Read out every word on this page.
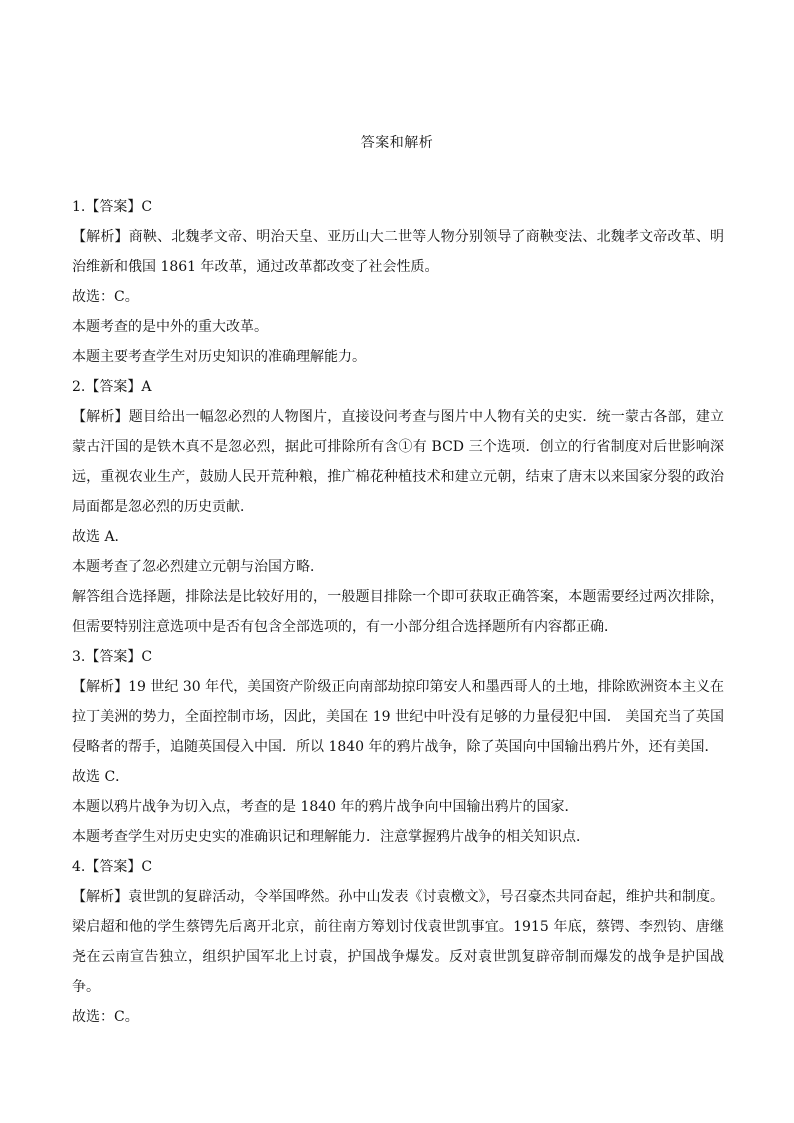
答案和解析
1.【答案】C
【解析】商鞅、北魏孝文帝、明治天皇、亚历山大二世等人物分别领导了商鞅变法、北魏孝文帝改革、明治维新和俄国 1861 年改革，通过改革都改变了社会性质。
故选：C。
本题考查的是中外的重大改革。
本题主要考查学生对历史知识的准确理解能力。
2.【答案】A
【解析】题目给出一幅忽必烈的人物图片，直接设问考查与图片中人物有关的史实．统一蒙古各部，建立蒙古汗国的是铁木真不是忽必烈，据此可排除所有含①有 BCD 三个选项．创立的行省制度对后世影响深远，重视农业生产，鼓励人民开荒种粮，推广棉花种植技术和建立元朝，结束了唐末以来国家分裂的政治局面都是忽必烈的历史贡献．
故选 A．
本题考查了忽必烈建立元朝与治国方略．
解答组合选择题，排除法是比较好用的，一般题目排除一个即可获取正确答案，本题需要经过两次排除，但需要特别注意选项中是否有包含全部选项的，有一小部分组合选择题所有内容都正确．
3.【答案】C
【解析】19 世纪 30 年代，美国资产阶级正向南部劫掠印第安人和墨西哥人的土地，排除欧洲资本主义在拉丁美洲的势力，全面控制市场，因此，美国在 19 世纪中叶没有足够的力量侵犯中国． 美国充当了英国侵略者的帮手，追随英国侵入中国．所以 1840 年的鸦片战争，除了英国向中国输出鸦片外，还有美国．
故选 C．
本题以鸦片战争为切入点，考查的是 1840 年的鸦片战争向中国输出鸦片的国家．
本题考查学生对历史史实的准确识记和理解能力．注意掌握鸦片战争的相关知识点．
4.【答案】C
【解析】袁世凯的复辟活动，令举国哗然。孙中山发表《讨袁檄文》，号召豪杰共同奋起，维护共和制度。梁启超和他的学生蔡锷先后离开北京，前往南方筹划讨伐袁世凯事宜。1915 年底，蔡锷、李烈钧、唐继尧在云南宣告独立，组织护国军北上讨袁，护国战争爆发。反对袁世凯复辟帝制而爆发的战争是护国战争。
故选：C。
